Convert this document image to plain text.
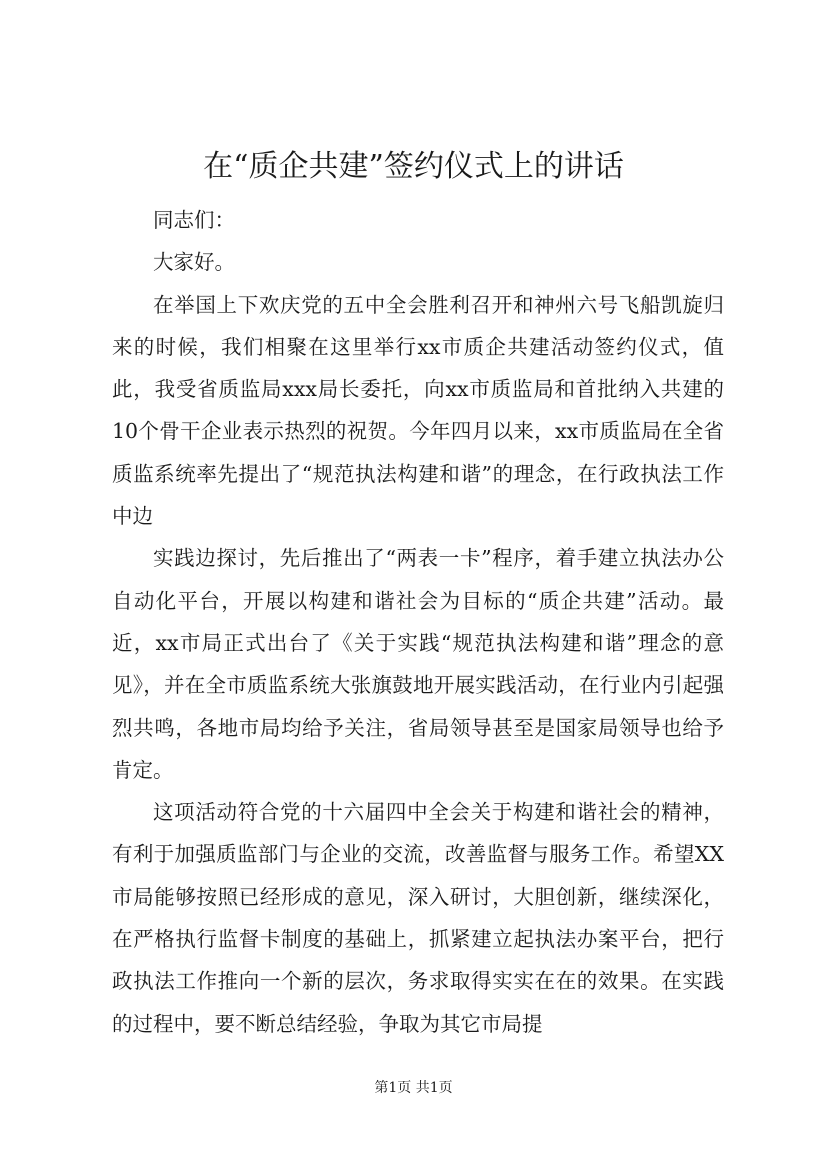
在“质企共建”签约仪式上的讲话

同志们：

大家好。

在举国上下欢庆党的五中全会胜利召开和神州六号飞船凯旋归来的时候，我们相聚在这里举行xx市质企共建活动签约仪式，值此，我受省质监局xxx局长委托，向xx市质监局和首批纳入共建的10个骨干企业表示热烈的祝贺。今年四月以来，xx市质监局在全省质监系统率先提出了“规范执法构建和谐”的理念，在行政执法工作中边

实践边探讨，先后推出了“两表一卡”程序，着手建立执法办公自动化平台，开展以构建和谐社会为目标的“质企共建”活动。最近，xx市局正式出台了《关于实践“规范执法构建和谐”理念的意见》，并在全市质监系统大张旗鼓地开展实践活动，在行业内引起强烈共鸣，各地市局均给予关注，省局领导甚至是国家局领导也给予肯定。

这项活动符合党的十六届四中全会关于构建和谐社会的精神，有利于加强质监部门与企业的交流，改善监督与服务工作。希望XX市局能够按照已经形成的意见，深入研讨，大胆创新，继续深化，在严格执行监督卡制度的基础上，抓紧建立起执法办案平台，把行政执法工作推向一个新的层次，务求取得实实在在的效果。在实践的过程中，要不断总结经验，争取为其它市局提

第1页 共1页
